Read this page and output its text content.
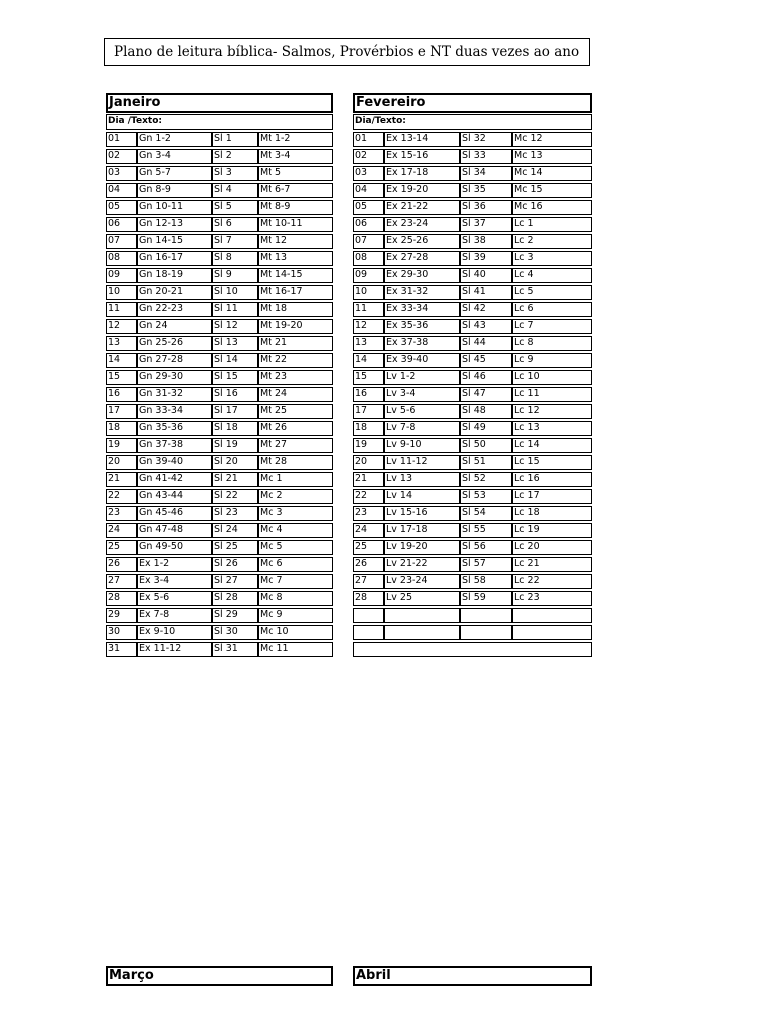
Plano de leitura bíblica- Salmos, Provérbios e NT duas vezes ao ano
Janeiro
Dia /Texto:
01	Gn 1-2	Sl 1	Mt 1-2
02	Gn 3-4	Sl 2	Mt 3-4
03	Gn 5-7	Sl 3	Mt 5
04	Gn 8-9	Sl 4	Mt 6-7
05	Gn 10-11	Sl 5	Mt 8-9
06	Gn 12-13	Sl 6	Mt 10-11
07	Gn 14-15	Sl 7	Mt 12
08	Gn 16-17	Sl 8	Mt 13
09	Gn 18-19	Sl 9	Mt 14-15
10	Gn 20-21	Sl 10	Mt 16-17
11	Gn 22-23	Sl 11	Mt 18
12	Gn 24	Sl 12	Mt 19-20
13	Gn 25-26	Sl 13	Mt 21
14	Gn 27-28	Sl 14	Mt 22
15	Gn 29-30	Sl 15	Mt 23
16	Gn 31-32	Sl 16	Mt 24
17	Gn 33-34	Sl 17	Mt 25
18	Gn 35-36	Sl 18	Mt 26
19	Gn 37-38	Sl 19	Mt 27
20	Gn 39-40	Sl 20	Mt 28
21	Gn 41-42	Sl 21	Mc 1
22	Gn 43-44	Sl 22	Mc 2
23	Gn 45-46	Sl 23	Mc 3
24	Gn 47-48	Sl 24	Mc 4
25	Gn 49-50	Sl 25	Mc 5
26	Ex 1-2	Sl 26	Mc 6
27	Ex 3-4	Sl 27	Mc 7
28	Ex 5-6	Sl 28	Mc 8
29	Ex 7-8	Sl 29	Mc 9
30	Ex 9-10	Sl 30	Mc 10
31	Ex 11-12	Sl 31	Mc 11
Fevereiro
Dia/Texto:
01	Ex 13-14	Sl 32	Mc 12
02	Ex 15-16	Sl 33	Mc 13
03	Ex 17-18	Sl 34	Mc 14
04	Ex 19-20	Sl 35	Mc 15
05	Ex 21-22	Sl 36	Mc 16
06	Ex 23-24	Sl 37	Lc 1
07	Ex 25-26	Sl 38	Lc 2
08	Ex 27-28	Sl 39	Lc 3
09	Ex 29-30	Sl 40	Lc 4
10	Ex 31-32	Sl 41	Lc 5
11	Ex 33-34	Sl 42	Lc 6
12	Ex 35-36	Sl 43	Lc 7
13	Ex 37-38	Sl 44	Lc 8
14	Ex 39-40	Sl 45	Lc 9
15	Lv 1-2	Sl 46	Lc 10
16	Lv 3-4	Sl 47	Lc 11
17	Lv 5-6	Sl 48	Lc 12
18	Lv 7-8	Sl 49	Lc 13
19	Lv 9-10	Sl 50	Lc 14
20	Lv 11-12	Sl 51	Lc 15
21	Lv 13	Sl 52	Lc 16
22	Lv 14	Sl 53	Lc 17
23	Lv 15-16	Sl 54	Lc 18
24	Lv 17-18	Sl 55	Lc 19
25	Lv 19-20	Sl 56	Lc 20
26	Lv 21-22	Sl 57	Lc 21
27	Lv 23-24	Sl 58	Lc 22
28	Lv 25	Sl 59	Lc 23
Março	Abril
